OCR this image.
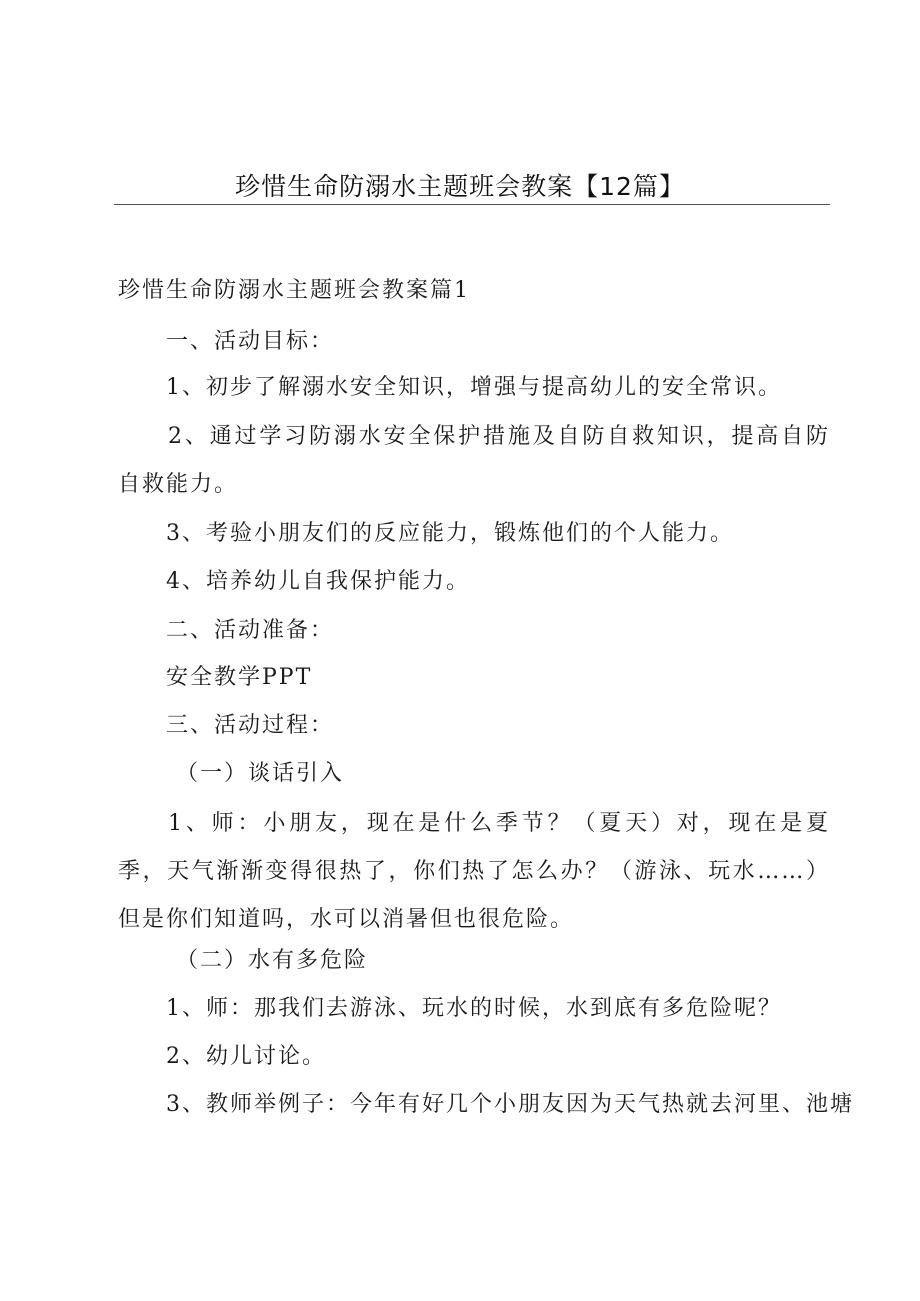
珍惜生命防溺水主题班会教案【12篇】
珍惜生命防溺水主题班会教案篇1
一、活动目标：
1、初步了解溺水安全知识，增强与提高幼儿的安全常识。
2、通过学习防溺水安全保护措施及自防自救知识，提高自防自救能力。
3、考验小朋友们的反应能力，锻炼他们的个人能力。
4、培养幼儿自我保护能力。
二、活动准备：
安全教学PPT
三、活动过程：
（一）谈话引入
1、师：小朋友，现在是什么季节？（夏天）对，现在是夏季，天气渐渐变得很热了，你们热了怎么办？（游泳、玩水……）但是你们知道吗，水可以消暑但也很危险。
（二）水有多危险
1、师：那我们去游泳、玩水的时候，水到底有多危险呢？
2、幼儿讨论。
3、教师举例子：今年有好几个小朋友因为天气热就去河里、池塘
